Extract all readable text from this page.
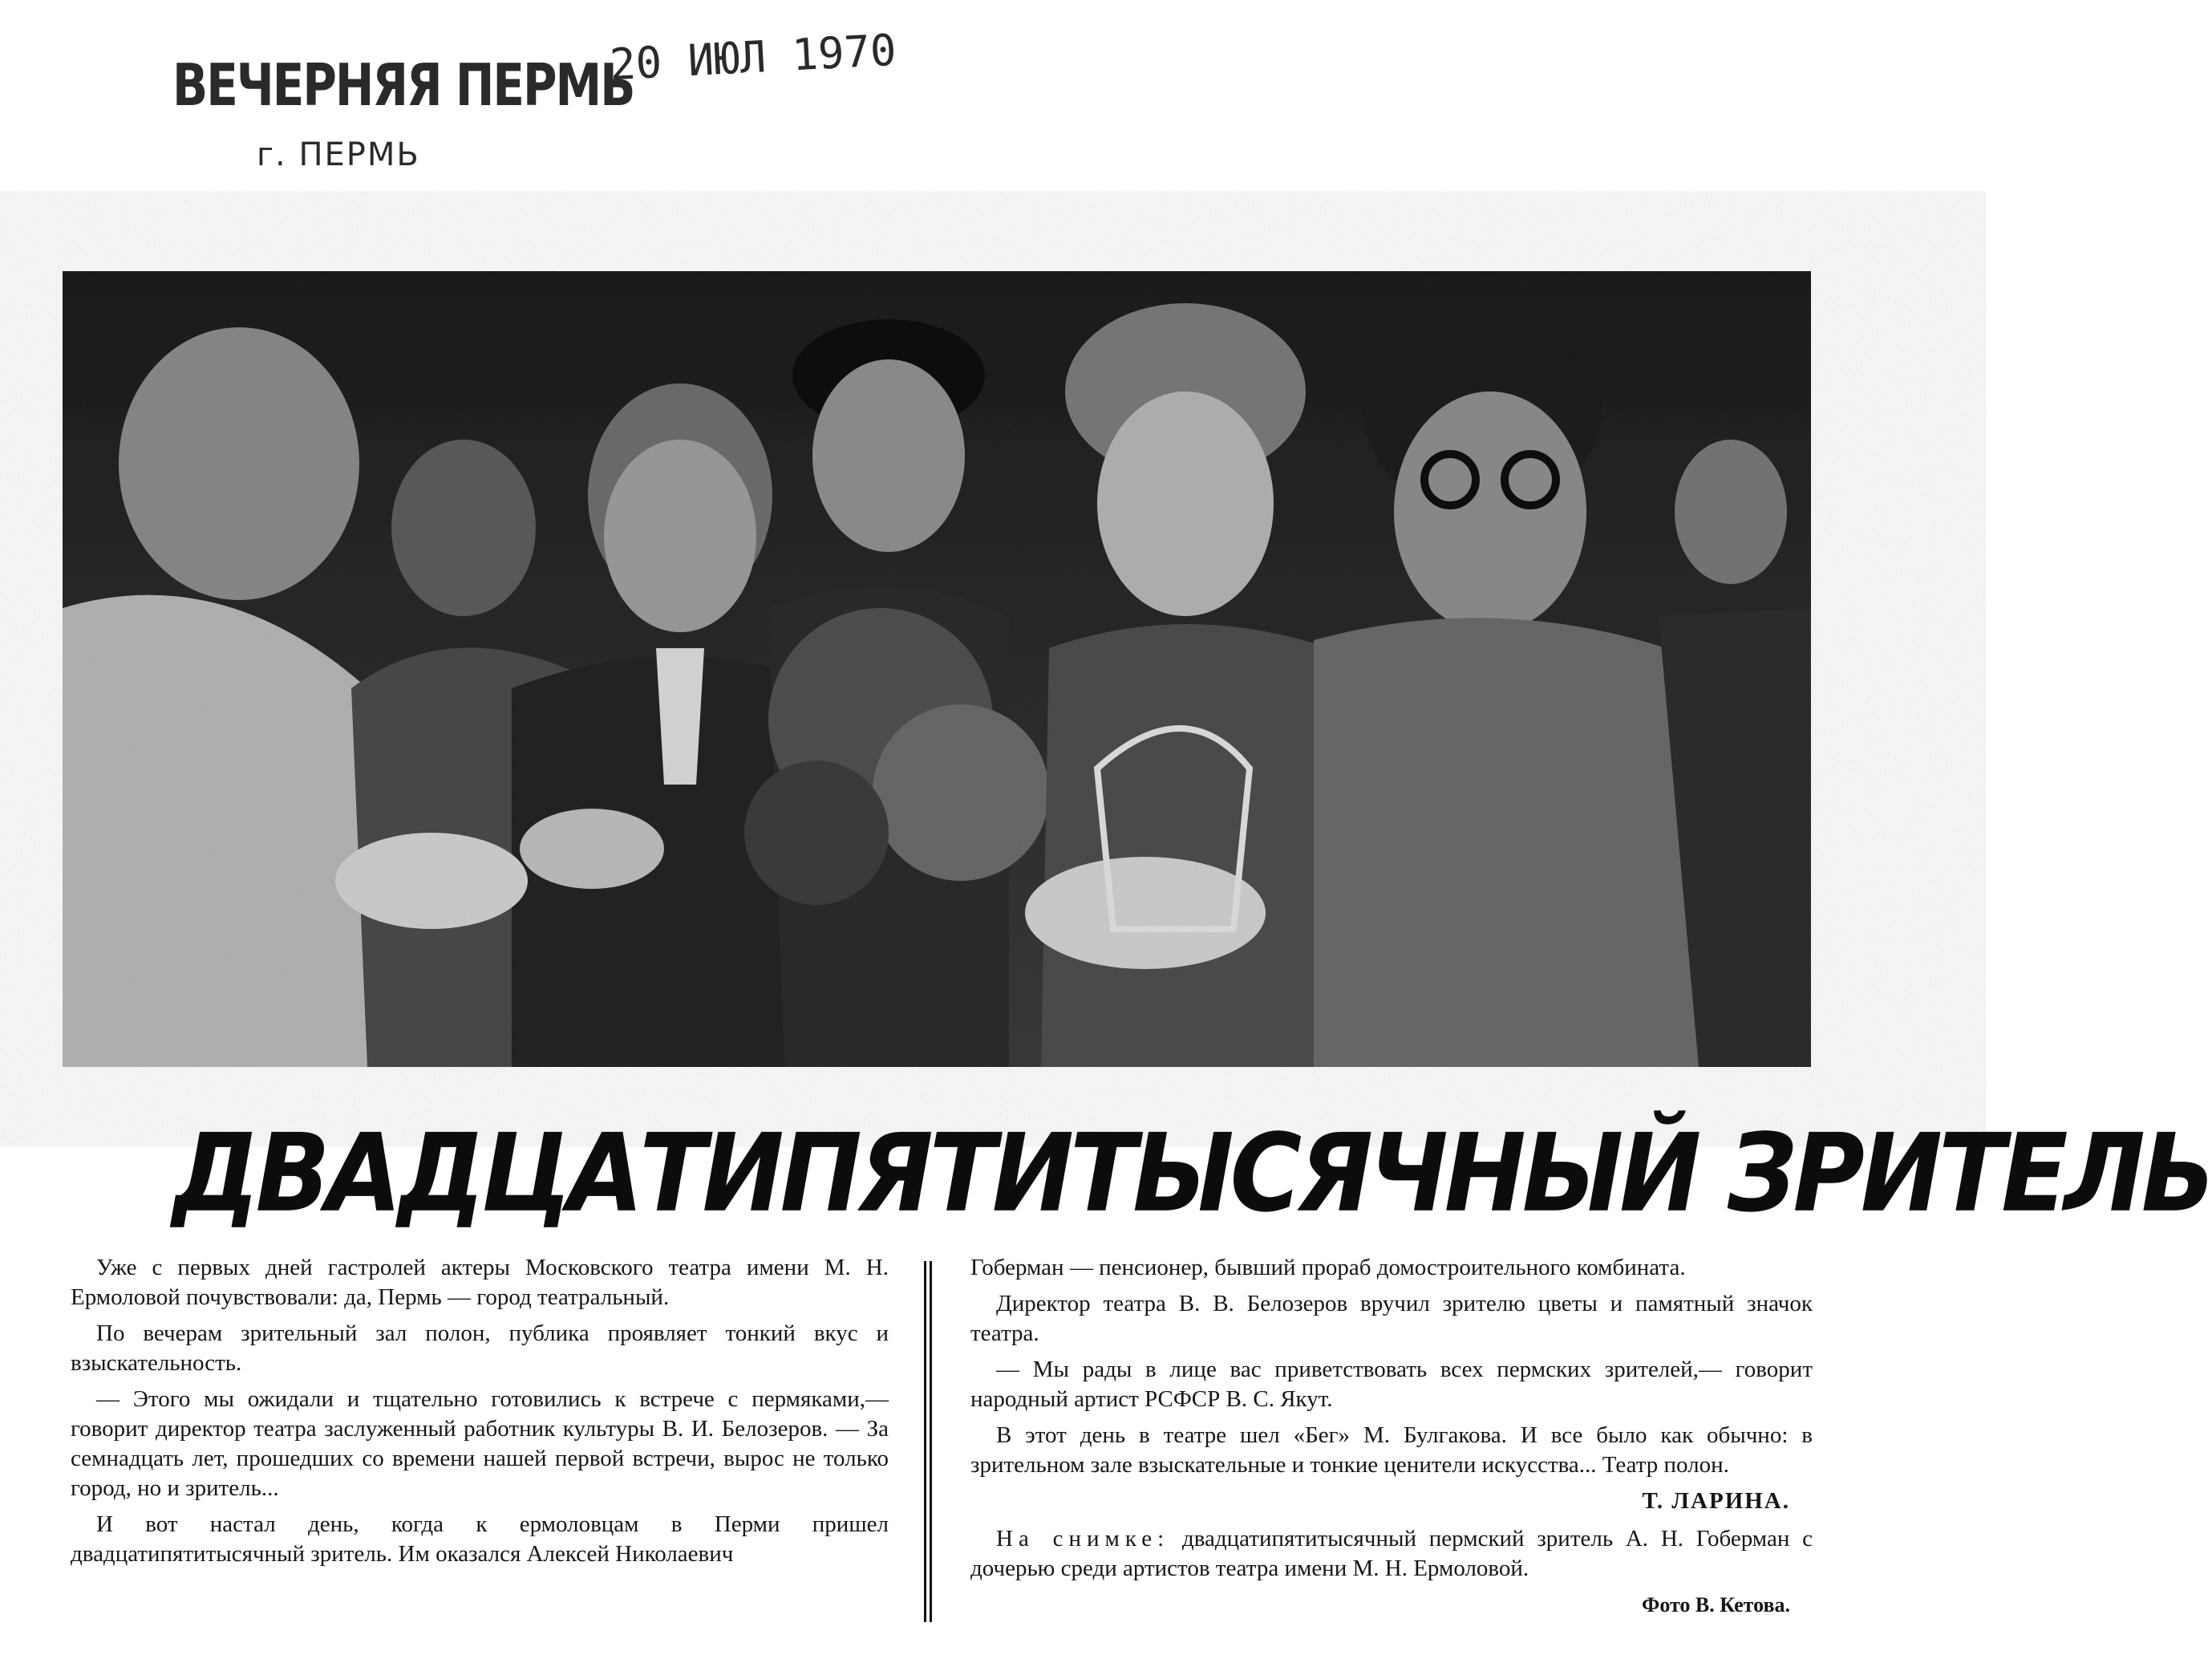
ВЕЧЕРНЯЯ ПЕРМЬ
г. ПЕРМЬ
20 ИЮЛ 1970
ДВАДЦАТИПЯТИТЫСЯЧНЫЙ ЗРИТЕЛЬ

Уже с первых дней гастролей актеры Московского театра имени М. Н. Ермоловой почувствовали: да, Пермь — город театральный.

По вечерам зрительный зал полон, публика проявляет тонкий вкус и взыскательность.

— Этого мы ожидали и тщательно готовились к встрече с пермяками,— говорит директор театра заслуженный работник культуры В. И. Белозеров. — За семнадцать лет, прошедших со времени нашей первой встречи, вырос не только город, но и зритель...

И вот настал день, когда к ермоловцам в Перми пришел двадцатипятитысячный зритель. Им оказался Алексей Николаевич

Гоберман — пенсионер, бывший прораб домостроительного комбината.

Директор театра В. В. Белозеров вручил зрителю цветы и памятный значок театра.

— Мы рады в лице вас приветствовать всех пермских зрителей,— говорит народный артист РСФСР В. С. Якут.

В этот день в театре шел «Бег» М. Булгакова. И все было как обычно: в зрительном зале взыскательные и тонкие ценители искусства... Театр полон.

Т. ЛАРИНА.

На снимке: двадцатипятитысячный пермский зритель А. Н. Гоберман с дочерью среди артистов театра имени М. Н. Ермоловой.

Фото В. Кетова.
